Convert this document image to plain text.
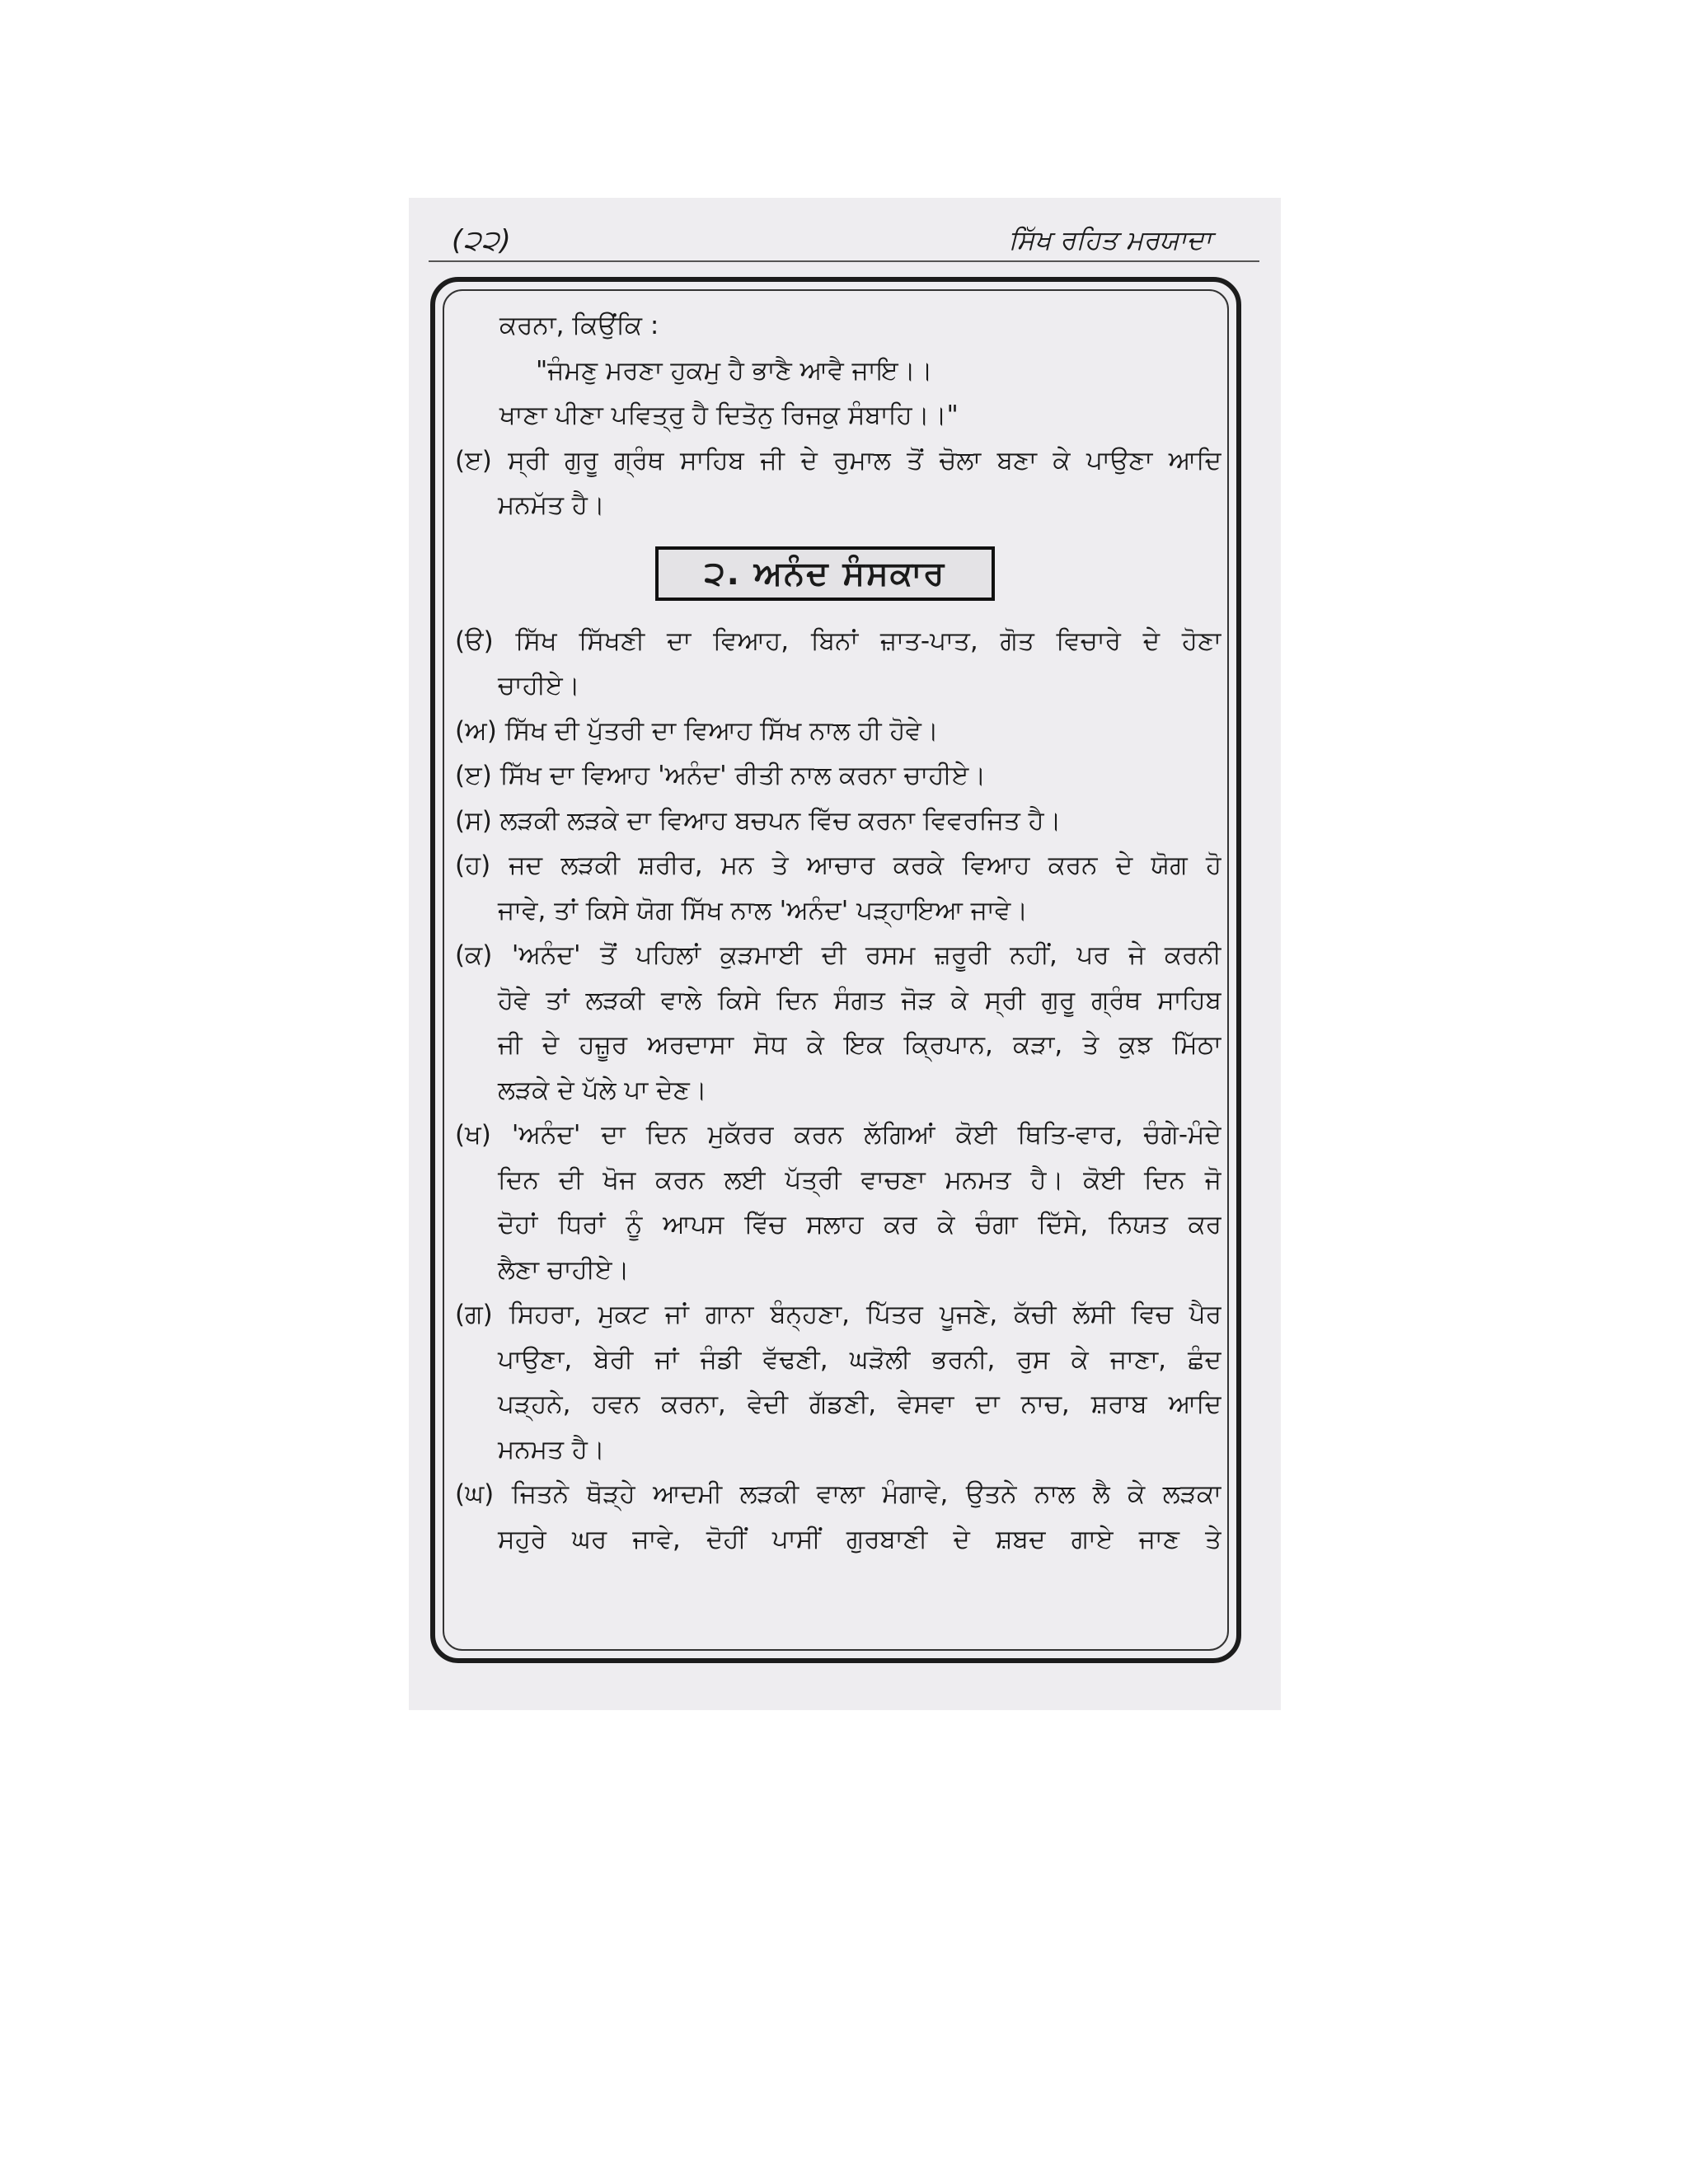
(੨੨)	ਸਿੱਖ ਰਹਿਤ ਮਰਯਾਦਾ
ਕਰਨਾ, ਕਿਉਂਕਿ :
"ਜੰਮਣੁ ਮਰਣਾ ਹੁਕਮੁ ਹੈ ਭਾਣੈ ਆਵੈ ਜਾਇ।।
ਖਾਣਾ ਪੀਣਾ ਪਵਿਤ੍ਰੁ ਹੈ ਦਿਤੋਨੁ ਰਿਜਕੁ ਸੰਬਾਹਿ।।"
(ੲ) ਸ੍ਰੀ ਗੁਰੂ ਗ੍ਰੰਥ ਸਾਹਿਬ ਜੀ ਦੇ ਰੁਮਾਲ ਤੋਂ ਚੋਲਾ ਬਣਾ ਕੇ ਪਾਉਣਾ ਆਦਿ
ਮਨਮੱਤ ਹੈ।
੨. ਅਨੰਦ ਸੰਸਕਾਰ
(ੳ) ਸਿੱਖ ਸਿੱਖਣੀ ਦਾ ਵਿਆਹ, ਬਿਨਾਂ ਜ਼ਾਤ-ਪਾਤ, ਗੋਤ ਵਿਚਾਰੇ ਦੇ ਹੋਣਾ
ਚਾਹੀਏ।
(ਅ) ਸਿੱਖ ਦੀ ਪੁੱਤਰੀ ਦਾ ਵਿਆਹ ਸਿੱਖ ਨਾਲ ਹੀ ਹੋਵੇ।
(ੲ) ਸਿੱਖ ਦਾ ਵਿਆਹ 'ਅਨੰਦ' ਰੀਤੀ ਨਾਲ ਕਰਨਾ ਚਾਹੀਏ।
(ਸ) ਲੜਕੀ ਲੜਕੇ ਦਾ ਵਿਆਹ ਬਚਪਨ ਵਿੱਚ ਕਰਨਾ ਵਿਵਰਜਿਤ ਹੈ।
(ਹ) ਜਦ ਲੜਕੀ ਸ਼ਰੀਰ, ਮਨ ਤੇ ਆਚਾਰ ਕਰਕੇ ਵਿਆਹ ਕਰਨ ਦੇ ਯੋਗ ਹੋ
ਜਾਵੇ, ਤਾਂ ਕਿਸੇ ਯੋਗ ਸਿੱਖ ਨਾਲ 'ਅਨੰਦ' ਪੜ੍ਹਾਇਆ ਜਾਵੇ।
(ਕ) 'ਅਨੰਦ' ਤੋਂ ਪਹਿਲਾਂ ਕੁੜਮਾਈ ਦੀ ਰਸਮ ਜ਼ਰੂਰੀ ਨਹੀਂ, ਪਰ ਜੇ ਕਰਨੀ
ਹੋਵੇ ਤਾਂ ਲੜਕੀ ਵਾਲੇ ਕਿਸੇ ਦਿਨ ਸੰਗਤ ਜੋੜ ਕੇ ਸ੍ਰੀ ਗੁਰੂ ਗ੍ਰੰਥ ਸਾਹਿਬ
ਜੀ ਦੇ ਹਜ਼ੂਰ ਅਰਦਾਸਾ ਸੋਧ ਕੇ ਇਕ ਕ੍ਰਿਪਾਨ, ਕੜਾ, ਤੇ ਕੁਝ ਮਿੱਠਾ
ਲੜਕੇ ਦੇ ਪੱਲੇ ਪਾ ਦੇਣ।
(ਖ) 'ਅਨੰਦ' ਦਾ ਦਿਨ ਮੁਕੱਰਰ ਕਰਨ ਲੱਗਿਆਂ ਕੋਈ ਥਿਤਿ-ਵਾਰ, ਚੰਗੇ-ਮੰਦੇ
ਦਿਨ ਦੀ ਖੋਜ ਕਰਨ ਲਈ ਪੱਤ੍ਰੀ ਵਾਚਣਾ ਮਨਮਤ ਹੈ। ਕੋਈ ਦਿਨ ਜੋ
ਦੋਹਾਂ ਧਿਰਾਂ ਨੂੰ ਆਪਸ ਵਿੱਚ ਸਲਾਹ ਕਰ ਕੇ ਚੰਗਾ ਦਿੱਸੇ, ਨਿਯਤ ਕਰ
ਲੈਣਾ ਚਾਹੀਏ।
(ਗ) ਸਿਹਰਾ, ਮੁਕਟ ਜਾਂ ਗਾਨਾ ਬੰਨ੍ਹਣਾ, ਪਿੱਤਰ ਪੂਜਣੇ, ਕੱਚੀ ਲੱਸੀ ਵਿਚ ਪੈਰ
ਪਾਉਣਾ, ਬੇਰੀ ਜਾਂ ਜੰਡੀ ਵੱਢਣੀ, ਘੜੋਲੀ ਭਰਨੀ, ਰੁਸ ਕੇ ਜਾਣਾ, ਛੰਦ
ਪੜ੍ਹਨੇ, ਹਵਨ ਕਰਨਾ, ਵੇਦੀ ਗੱਡਣੀ, ਵੇਸਵਾ ਦਾ ਨਾਚ, ਸ਼ਰਾਬ ਆਦਿ
ਮਨਮਤ ਹੈ।
(ਘ) ਜਿਤਨੇ ਥੋੜ੍ਹੇ ਆਦਮੀ ਲੜਕੀ ਵਾਲਾ ਮੰਗਾਵੇ, ਉਤਨੇ ਨਾਲ ਲੈ ਕੇ ਲੜਕਾ
ਸਹੁਰੇ ਘਰ ਜਾਵੇ, ਦੋਹੀਂ ਪਾਸੀਂ ਗੁਰਬਾਣੀ ਦੇ ਸ਼ਬਦ ਗਾਏ ਜਾਣ ਤੇ
